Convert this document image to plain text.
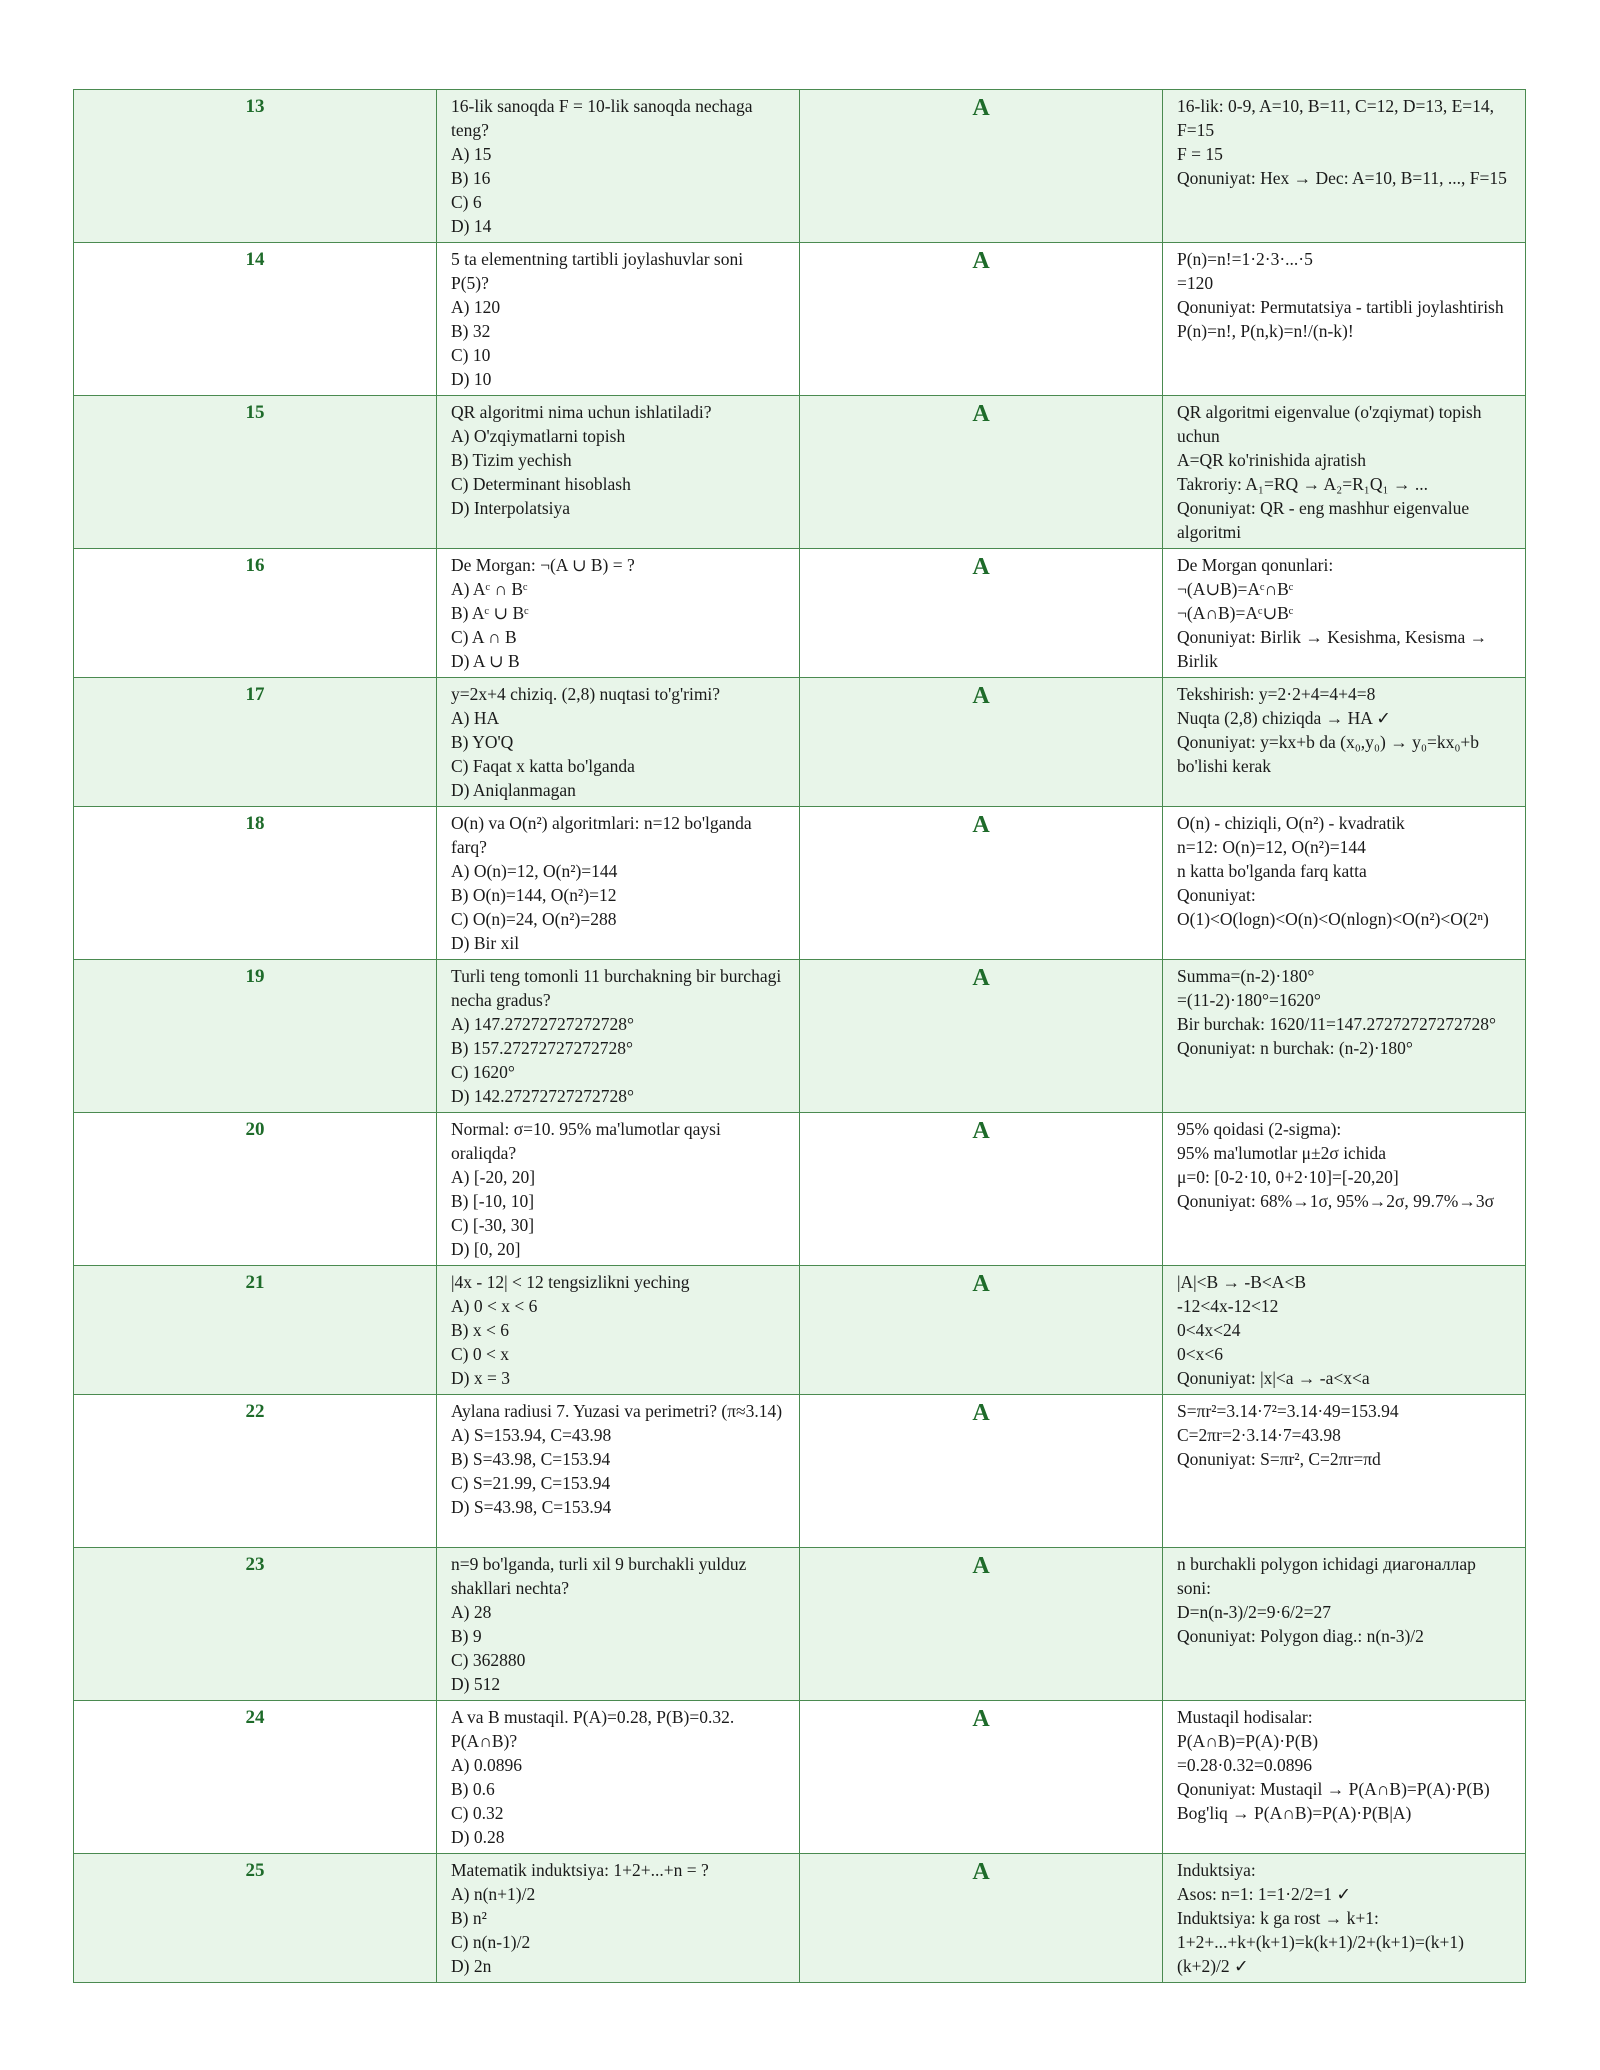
13	16-lik sanoqda F = 10-lik sanoqda nechaga teng?
A) 15
B) 16
C) 6
D) 14	A	16-lik: 0-9, A=10, B=11, C=12, D=13, E=14, F=15
F = 15
Qonuniyat: Hex → Dec: A=10, B=11, ..., F=15

14	5 ta elementning tartibli joylashuvlar soni P(5)?
A) 120
B) 32
C) 10
D) 10	A	P(n)=n!=1·2·3·...·5
=120
Qonuniyat: Permutatsiya - tartibli joylashtirish
P(n)=n!, P(n,k)=n!/(n-k)!

15	QR algoritmi nima uchun ishlatiladi?
A) O'zqiymatlarni topish
B) Tizim yechish
C) Determinant hisoblash
D) Interpolatsiya	A	QR algoritmi eigenvalue (o'zqiymat) topish uchun
A=QR ko'rinishida ajratish
Takroriy: A₁=RQ → A₂=R₁Q₁ → ...
Qonuniyat: QR - eng mashhur eigenvalue algoritmi

16	De Morgan: ¬(A ∪ B) = ?
A) Aᶜ ∩ Bᶜ
B) Aᶜ ∪ Bᶜ
C) A ∩ B
D) A ∪ B	A	De Morgan qonunlari:
¬(A∪B)=Aᶜ∩Bᶜ
¬(A∩B)=Aᶜ∪Bᶜ
Qonuniyat: Birlik → Kesishma, Kesisma → Birlik

17	y=2x+4 chiziq. (2,8) nuqtasi to'g'rimi?
A) HA
B) YO'Q
C) Faqat x katta bo'lganda
D) Aniqlanmagan	A	Tekshirish: y=2·2+4=4+4=8
Nuqta (2,8) chiziqda → HA ✓
Qonuniyat: y=kx+b da (x₀,y₀) → y₀=kx₀+b bo'lishi kerak

18	O(n) va O(n²) algoritmlari: n=12 bo'lganda farq?
A) O(n)=12, O(n²)=144
B) O(n)=144, O(n²)=12
C) O(n)=24, O(n²)=288
D) Bir xil	A	O(n) - chiziqli, O(n²) - kvadratik
n=12: O(n)=12, O(n²)=144
n katta bo'lganda farq katta
Qonuniyat:
O(1)<O(logn)<O(n)<O(nlogn)<O(n²)<O(2ⁿ)

19	Turli teng tomonli 11 burchakning bir burchagi necha gradus?
A) 147.27272727272728°
B) 157.27272727272728°
C) 1620°
D) 142.27272727272728°	A	Summa=(n-2)·180°
=(11-2)·180°=1620°
Bir burchak: 1620/11=147.27272727272728°
Qonuniyat: n burchak: (n-2)·180°

20	Normal: σ=10. 95% ma'lumotlar qaysi oraliqda?
A) [-20, 20]
B) [-10, 10]
C) [-30, 30]
D) [0, 20]	A	95% qoidasi (2-sigma):
95% ma'lumotlar μ±2σ ichida
μ=0: [0-2·10, 0+2·10]=[-20,20]
Qonuniyat: 68%→1σ, 95%→2σ, 99.7%→3σ

21	|4x - 12| < 12 tengsizlikni yeching
A) 0 < x < 6
B) x < 6
C) 0 < x
D) x = 3	A	|A|<B → -B<A<B
-12<4x-12<12
0<4x<24
0<x<6
Qonuniyat: |x|<a → -a<x<a

22	Aylana radiusi 7. Yuzasi va perimetri? (π≈3.14)
A) S=153.94, C=43.98
B) S=43.98, C=153.94
C) S=21.99, C=153.94
D) S=43.98, C=153.94	A	S=πr²=3.14·7²=3.14·49=153.94
C=2πr=2·3.14·7=43.98
Qonuniyat: S=πr², C=2πr=πd

23	n=9 bo'lganda, turli xil 9 burchakli yulduz shakllari nechta?
A) 28
B) 9
C) 362880
D) 512	A	n burchakli polygon ichidagi диагоналлар soni:
D=n(n-3)/2=9·6/2=27
Qonuniyat: Polygon diag.: n(n-3)/2

24	A va B mustaqil. P(A)=0.28, P(B)=0.32. P(A∩B)?
A) 0.0896
B) 0.6
C) 0.32
D) 0.28	A	Mustaqil hodisalar:
P(A∩B)=P(A)·P(B)
=0.28·0.32=0.0896
Qonuniyat: Mustaqil → P(A∩B)=P(A)·P(B)
Bog'liq → P(A∩B)=P(A)·P(B|A)

25	Matematik induktsiya: 1+2+...+n = ?
A) n(n+1)/2
B) n²
C) n(n-1)/2
D) 2n	A	Induktsiya:
Asos: n=1: 1=1·2/2=1 ✓
Induktsiya: k ga rost → k+1:
1+2+...+k+(k+1)=k(k+1)/2+(k+1)=(k+1)(k+2)/2 ✓
